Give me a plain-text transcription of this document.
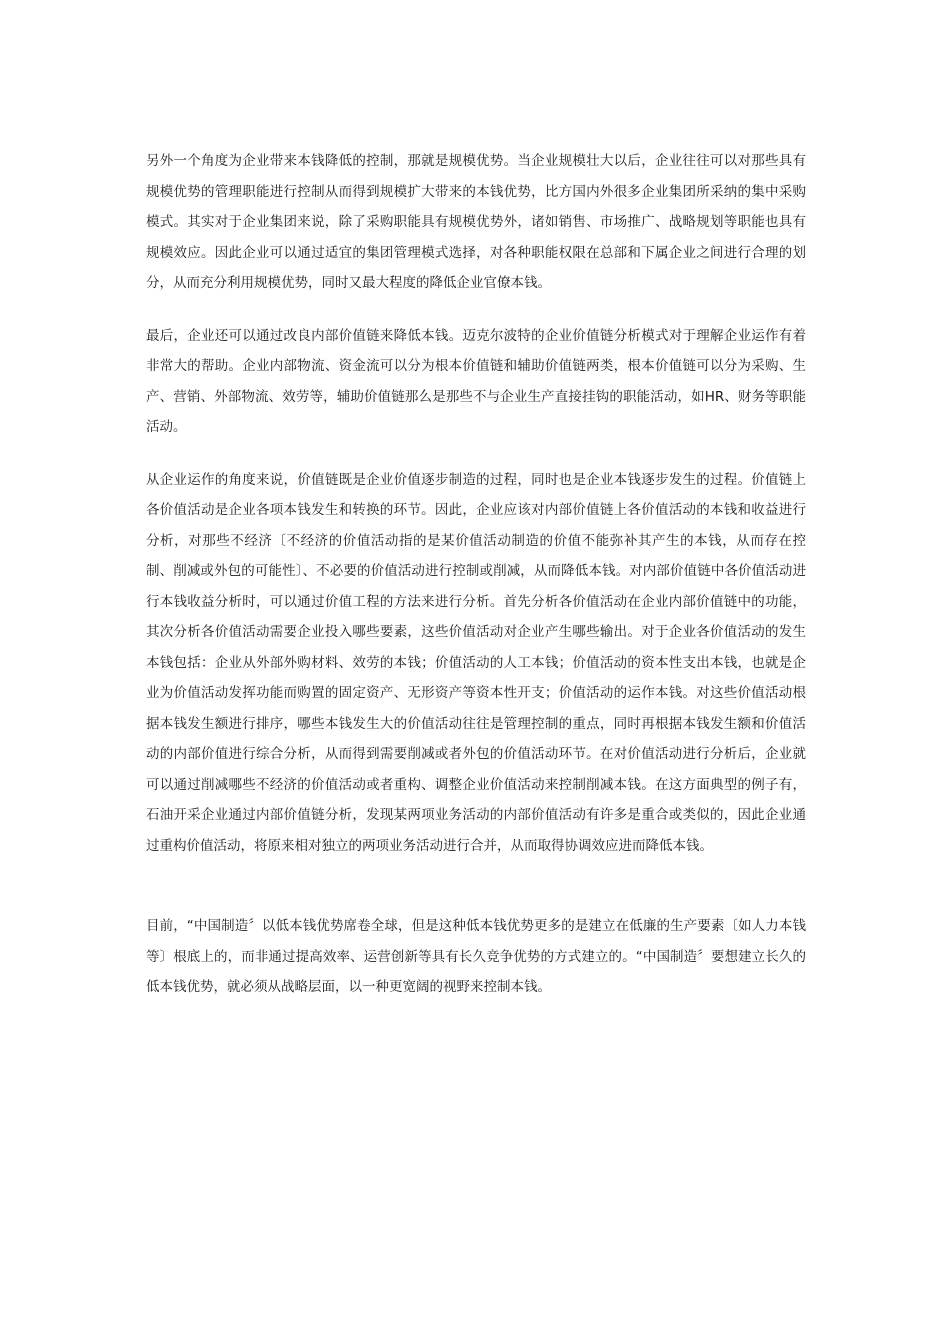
另外一个角度为企业带来本钱降低的控制，那就是规模优势。当企业规模壮大以后，企业往往可以对那些具有规模优势的管理职能进行控制从而得到规模扩大带来的本钱优势，比方国内外很多企业集团所采纳的集中采购模式。其实对于企业集团来说，除了采购职能具有规模优势外，诸如销售、市场推广、战略规划等职能也具有规模效应。因此企业可以通过适宜的集团管理模式选择，对各种职能权限在总部和下属企业之间进行合理的划分，从而充分利用规模优势，同时又最大程度的降低企业官僚本钱。

最后，企业还可以通过改良内部价值链来降低本钱。迈克尔波特的企业价值链分析模式对于理解企业运作有着非常大的帮助。企业内部物流、资金流可以分为根本价值链和辅助价值链两类，根本价值链可以分为采购、生产、营销、外部物流、效劳等，辅助价值链那么是那些不与企业生产直接挂钩的职能活动，如HR、财务等职能活动。

从企业运作的角度来说，价值链既是企业价值逐步制造的过程，同时也是企业本钱逐步发生的过程。价值链上各价值活动是企业各项本钱发生和转换的环节。因此，企业应该对内部价值链上各价值活动的本钱和收益进行分析，对那些不经济〔不经济的价值活动指的是某价值活动制造的价值不能弥补其产生的本钱，从而存在控制、削减或外包的可能性〕、不必要的价值活动进行控制或削减，从而降低本钱。对内部价值链中各价值活动进行本钱收益分析时，可以通过价值工程的方法来进行分析。首先分析各价值活动在企业内部价值链中的功能，其次分析各价值活动需要企业投入哪些要素，这些价值活动对企业产生哪些输出。对于企业各价值活动的发生本钱包括：企业从外部外购材料、效劳的本钱；价值活动的人工本钱；价值活动的资本性支出本钱，也就是企业为价值活动发挥功能而购置的固定资产、无形资产等资本性开支；价值活动的运作本钱。对这些价值活动根据本钱发生额进行排序，哪些本钱发生大的价值活动往往是管理控制的重点，同时再根据本钱发生额和价值活动的内部价值进行综合分析，从而得到需要削减或者外包的价值活动环节。在对价值活动进行分析后，企业就可以通过削减哪些不经济的价值活动或者重构、调整企业价值活动来控制削减本钱。在这方面典型的例子有，石油开采企业通过内部价值链分析，发现某两项业务活动的内部价值活动有许多是重合或类似的，因此企业通过重构价值活动，将原来相对独立的两项业务活动进行合并，从而取得协调效应进而降低本钱。

目前，“中国制造〞以低本钱优势席卷全球，但是这种低本钱优势更多的是建立在低廉的生产要素〔如人力本钱等〕根底上的，而非通过提高效率、运营创新等具有长久竞争优势的方式建立的。“中国制造〞要想建立长久的低本钱优势，就必须从战略层面，以一种更宽阔的视野来控制本钱。
